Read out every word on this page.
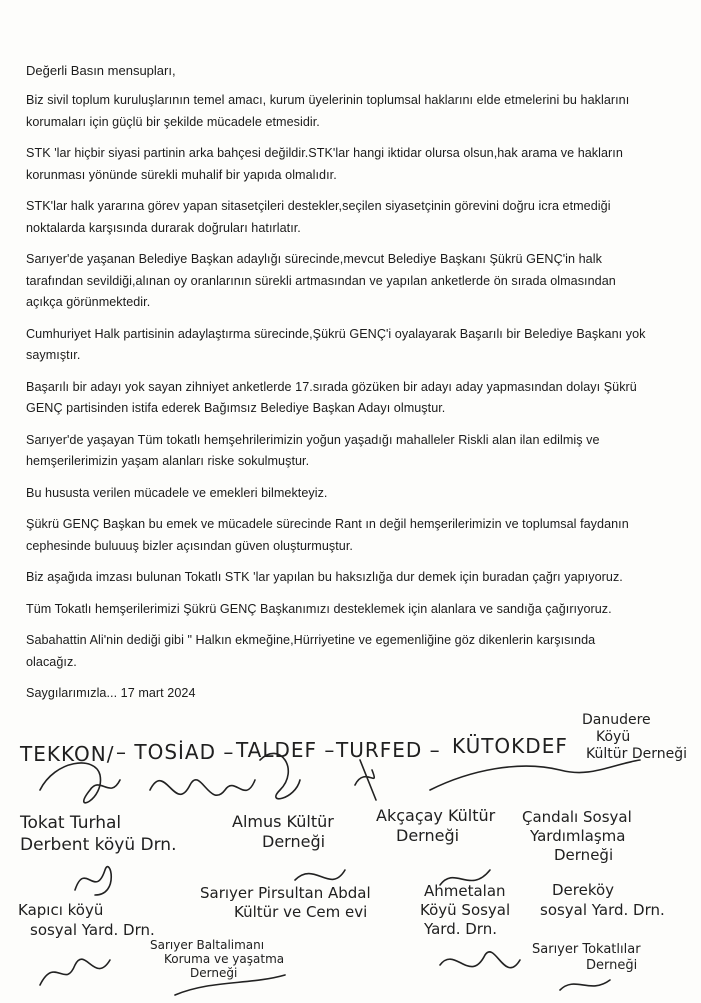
Değerli Basın mensupları,

Biz sivil toplum kuruluşlarının temel amacı, kurum üyelerinin toplumsal haklarını elde etmelerini bu haklarını korumaları için güçlü bir şekilde mücadele etmesidir.

STK 'lar hiçbir siyasi partinin arka bahçesi değildir.STK'lar hangi iktidar olursa olsun,hak arama ve hakların korunması yönünde sürekli muhalif bir yapıda olmalıdır.

STK'lar halk yararına görev yapan sitasetçileri destekler,seçilen siyasetçinin görevini doğru icra etmediği noktalarda karşısında durarak doğruları hatırlatır.

Sarıyer'de yaşanan Belediye Başkan adaylığı sürecinde,mevcut Belediye Başkanı Şükrü GENÇ'in halk tarafından sevildiği,alınan oy oranlarının sürekli artmasından ve yapılan anketlerde ön sırada olmasından açıkça görünmektedir.

Cumhuriyet Halk partisinin adaylaştırma sürecinde,Şükrü GENÇ'i oyalayarak Başarılı bir Belediye Başkanı yok saymıştır.

Başarılı bir adayı yok sayan zihniyet anketlerde 17.sırada gözüken bir adayı aday yapmasından dolayı Şükrü GENÇ partisinden istifa ederek Bağımsız Belediye Başkan Adayı olmuştur.

Sarıyer'de yaşayan Tüm tokatlı hemşehrilerimizin yoğun yaşadığı mahalleler Riskli alan ilan edilmiş ve hemşerilerimizin yaşam alanları riske sokulmuştur.

Bu hususta verilen mücadele ve emekleri bilmekteyiz.

Şükrü GENÇ Başkan bu emek ve mücadele sürecinde Rant ın değil hemşerilerimizin ve toplumsal faydanın cephesinde buluuuş bizler açısından güven oluşturmuştur.

Biz aşağıda imzası bulunan Tokatlı STK 'lar yapılan bu haksızlığa dur demek için buradan çağrı yapıyoruz.

Tüm Tokatlı hemşerilerimizi Şükrü GENÇ Başkanımızı desteklemek için alanlara ve sandığa çağırıyoruz.

Sabahattin Ali'nin dediği gibi " Halkın ekmeğine,Hürriyetine ve egemenliğine göz dikenlerin karşısında olacağız.

Saygılarımızla... 17 mart 2024

TEKKON/ – TOSİAD – TALDEF – TURFED – KÜTOKDEF
Danudere
Köyü
Kültür Derneği
Tokat Turhal
Derbent köyü Drn.
Almus Kültür
Derneği
Akçaçay Kültür
Derneği
Çandalı Sosyal
Yardımlaşma
Derneği
Kapıcı köyü
sosyal Yard. Drn.
Sarıyer Pirsultan Abdal
Kültür ve Cem evi
Ahmetalan
Köyü Sosyal
Yard. Drn.
Dereköy
sosyal Yard. Drn.
Sarıyer Baltalimanı
Koruma ve yaşatma
Derneği
Sarıyer Tokatlılar
Derneği
